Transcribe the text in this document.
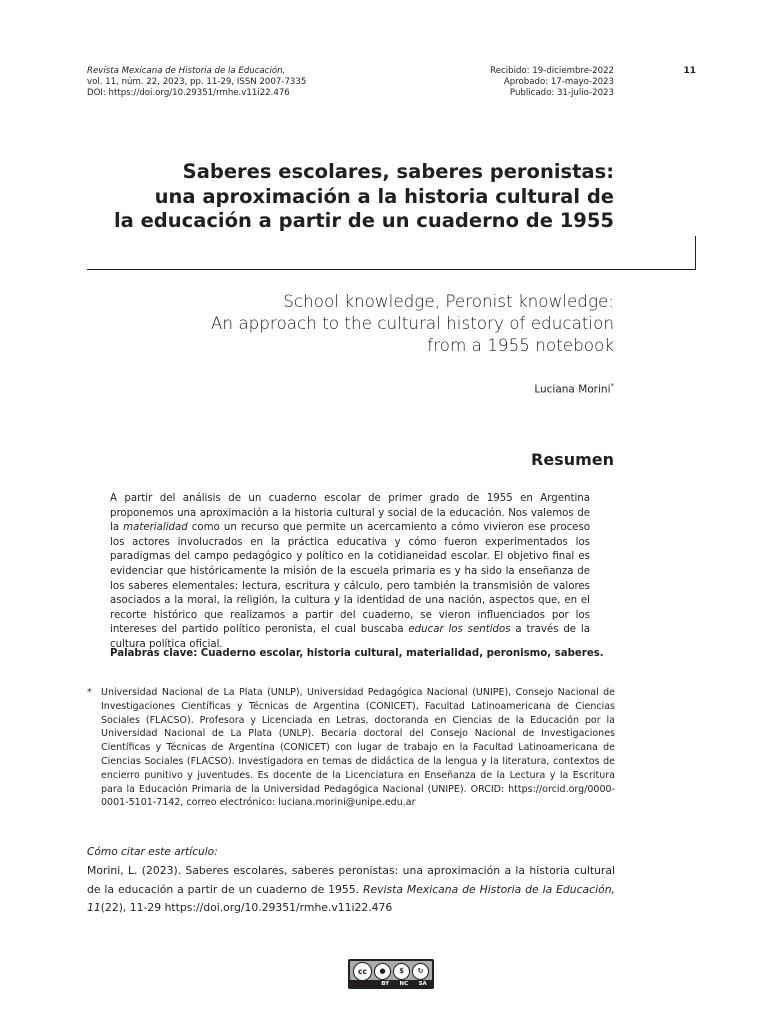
Revista Mexicana de Historia de la Educación,
vol. 11, núm. 22, 2023, pp. 11-29, ISSN 2007-7335
DOI: https://doi.org/10.29351/rmhe.v11i22.476
Recibido: 19-diciembre-2022
Aprobado: 17-mayo-2023
Publicado: 31-julio-2023
11
Saberes escolares, saberes peronistas:
una aproximación a la historia cultural de
la educación a partir de un cuaderno de 1955
School knowledge, Peronist knowledge:
An approach to the cultural history of education
from a 1955 notebook
Luciana Morini*
Resumen
A partir del análisis de un cuaderno escolar de primer grado de 1955 en Argentina proponemos una aproximación a la historia cultural y social de la educación. Nos valemos de la materialidad como un recurso que permite un acercamiento a cómo vivieron ese proceso los actores involucrados en la práctica educativa y cómo fueron experimentados los paradigmas del campo pedagógico y político en la cotidianeidad escolar. El objetivo final es evidenciar que históricamente la misión de la escuela primaria es y ha sido la enseñanza de los saberes elementales: lectura, escritura y cálculo, pero también la transmisión de valores asociados a la moral, la religión, la cultura y la identidad de una nación, aspectos que, en el recorte histórico que realizamos a partir del cuaderno, se vieron influenciados por los intereses del partido político peronista, el cual buscaba educar los sentidos a través de la cultura política oficial.
Palabras clave: Cuaderno escolar, historia cultural, materialidad, peronismo, saberes.
* Universidad Nacional de La Plata (UNLP), Universidad Pedagógica Nacional (UNIPE), Consejo Nacional de Investigaciones Científicas y Técnicas de Argentina (CONICET), Facultad Latinoamericana de Ciencias Sociales (FLACSO). Profesora y Licenciada en Letras, doctoranda en Ciencias de la Educación por la Universidad Nacional de La Plata (UNLP). Becaria doctoral del Consejo Nacional de Investigaciones Científicas y Técnicas de Argentina (CONICET) con lugar de trabajo en la Facultad Latinoamericana de Ciencias Sociales (FLACSO). Investigadora en temas de didáctica de la lengua y la literatura, contextos de encierro punitivo y juventudes. Es docente de la Licenciatura en Enseñanza de la Lectura y la Escritura para la Educación Primaria de la Universidad Pedagógica Nacional (UNIPE). ORCID: https://orcid.org/0000-0001-5101-7142, correo electrónico: luciana.morini@unipe.edu.ar
Cómo citar este artículo:
Morini, L. (2023). Saberes escolares, saberes peronistas: una aproximación a la historia cultural de la educación a partir de un cuaderno de 1955. Revista Mexicana de Historia de la Educación, 11(22), 11-29 https://doi.org/10.29351/rmhe.v11i22.476
cc	●	$	↻
BY NC SA
